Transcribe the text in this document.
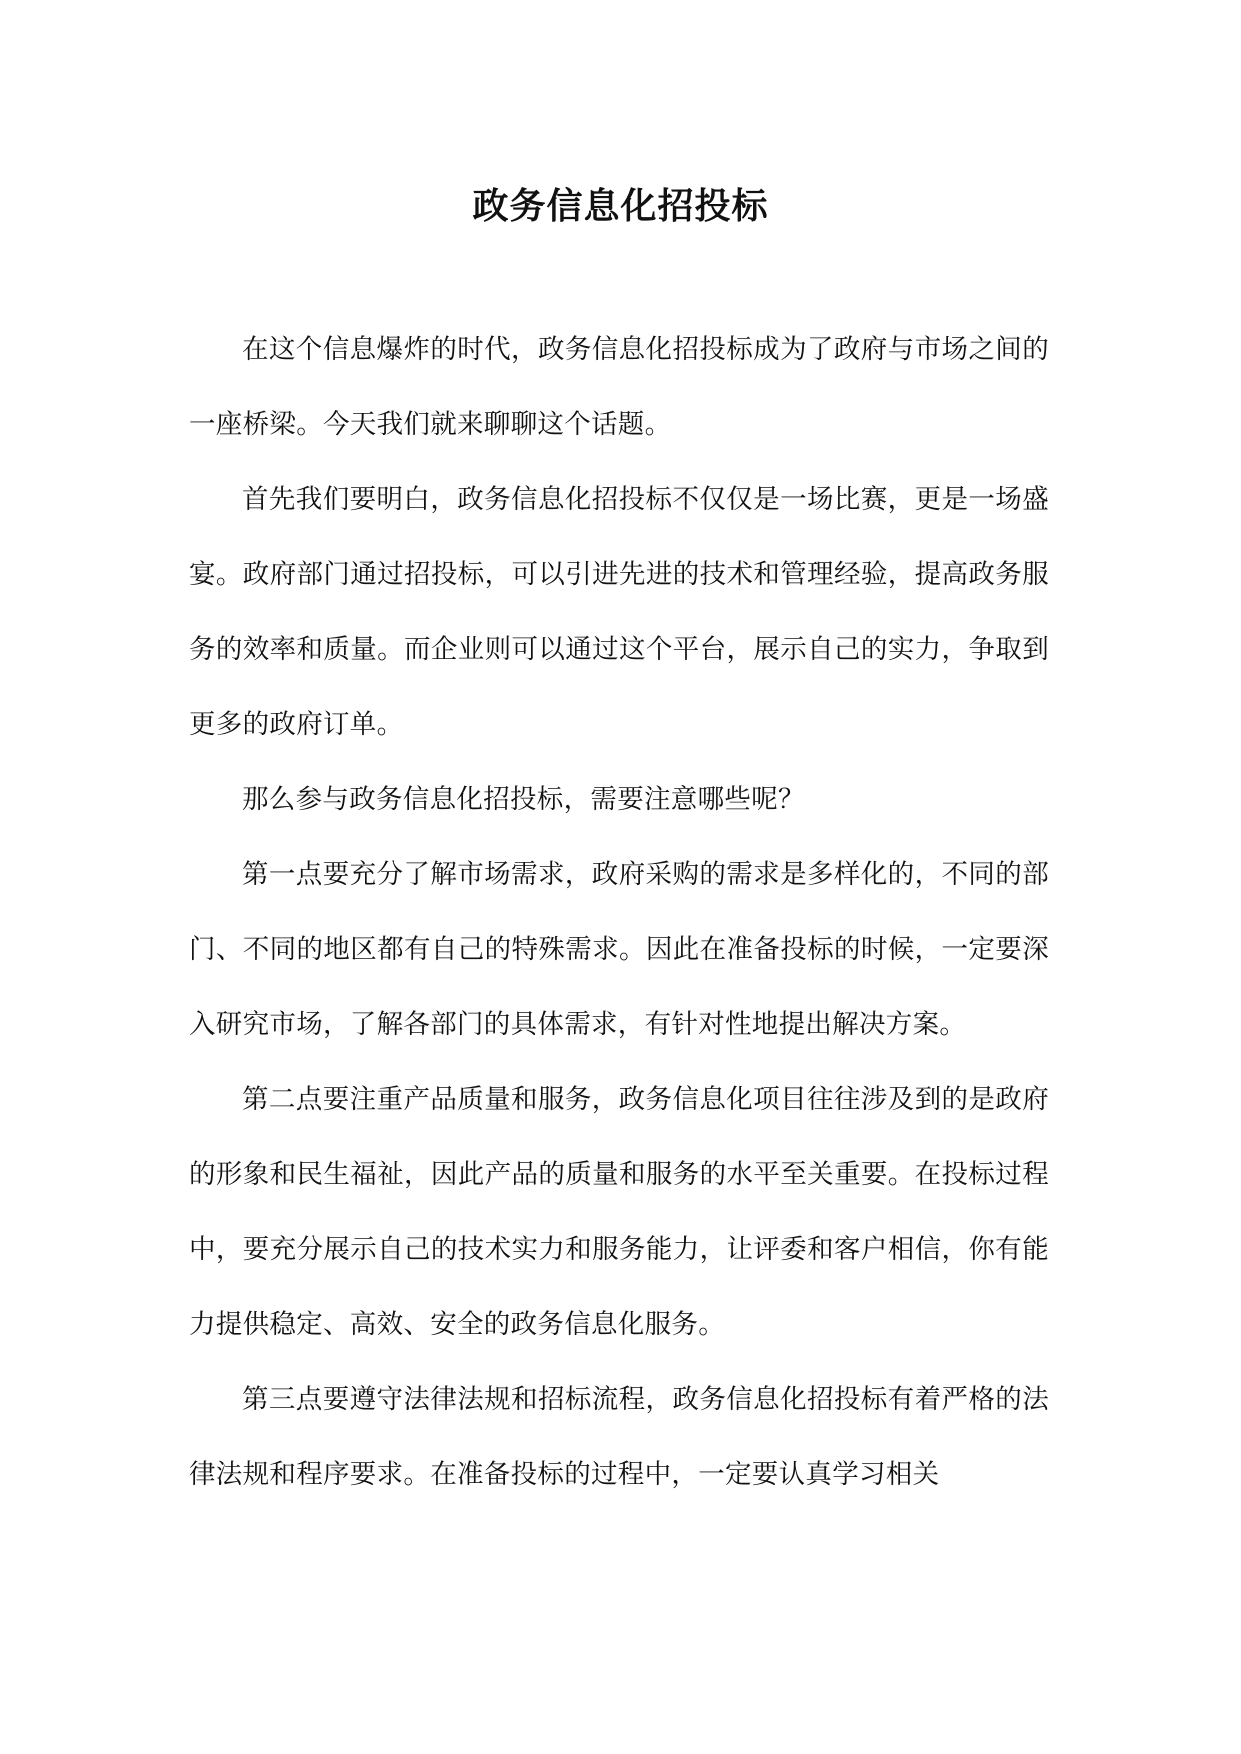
政务信息化招投标

在这个信息爆炸的时代，政务信息化招投标成为了政府与市场之间的一座桥梁。今天我们就来聊聊这个话题。

首先我们要明白，政务信息化招投标不仅仅是一场比赛，更是一场盛宴。政府部门通过招投标，可以引进先进的技术和管理经验，提高政务服务的效率和质量。而企业则可以通过这个平台，展示自己的实力，争取到更多的政府订单。

那么参与政务信息化招投标，需要注意哪些呢？

第一点要充分了解市场需求，政府采购的需求是多样化的，不同的部门、不同的地区都有自己的特殊需求。因此在准备投标的时候，一定要深入研究市场，了解各部门的具体需求，有针对性地提出解决方案。

第二点要注重产品质量和服务，政务信息化项目往往涉及到的是政府的形象和民生福祉，因此产品的质量和服务的水平至关重要。在投标过程中，要充分展示自己的技术实力和服务能力，让评委和客户相信，你有能力提供稳定、高效、安全的政务信息化服务。

第三点要遵守法律法规和招标流程，政务信息化招投标有着严格的法律法规和程序要求。在准备投标的过程中，一定要认真学习相关
